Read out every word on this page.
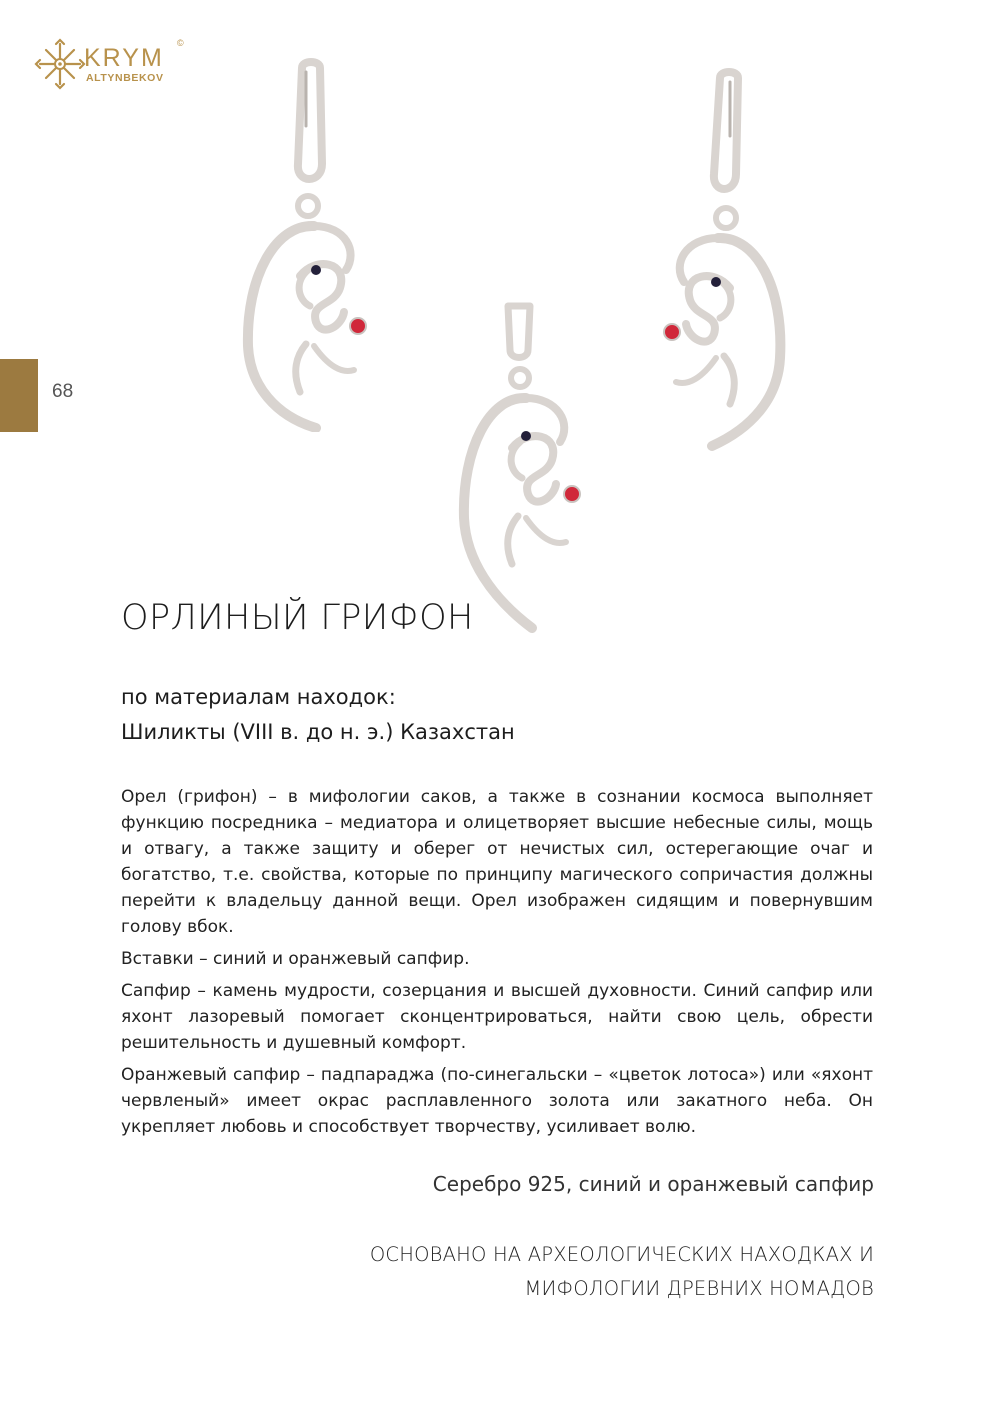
KRYM
©
ALTYNBEKOV
68
ОРЛИНЫЙ ГРИФОН
по материалам находок:
Шиликты (VIII в. до н. э.) Казахстан

Орел (грифон) – в мифологии саков, а также в сознании космоса выполняет функцию посредника – медиатора и олицетворяет высшие небесные силы, мощь и отвагу, а также защиту и оберег от нечистых сил, остерегающие очаг и богатство, т.е. свойства, которые по принципу магического сопричастия должны перейти к владельцу данной вещи. Орел изображен сидящим и повернувшим голову вбок.

Вставки – синий и оранжевый сапфир.

Сапфир – камень мудрости, созерцания и высшей духовности. Синий сапфир или яхонт лазоревый помогает сконцентрироваться, найти свою цель, обрести решительность и душевный комфорт.

Оранжевый сапфир – падпараджа (по-синегальски – «цветок лотоса») или «яхонт червленый» имеет окрас расплавленного золота или закатного неба. Он укрепляет любовь и способствует творчеству, усиливает волю.

Серебро 925, синий и оранжевый сапфир
ОСНОВАНО НА АРХЕОЛОГИЧЕСКИХ НАХОДКАХ И
МИФОЛОГИИ ДРЕВНИХ НОМАДОВ
